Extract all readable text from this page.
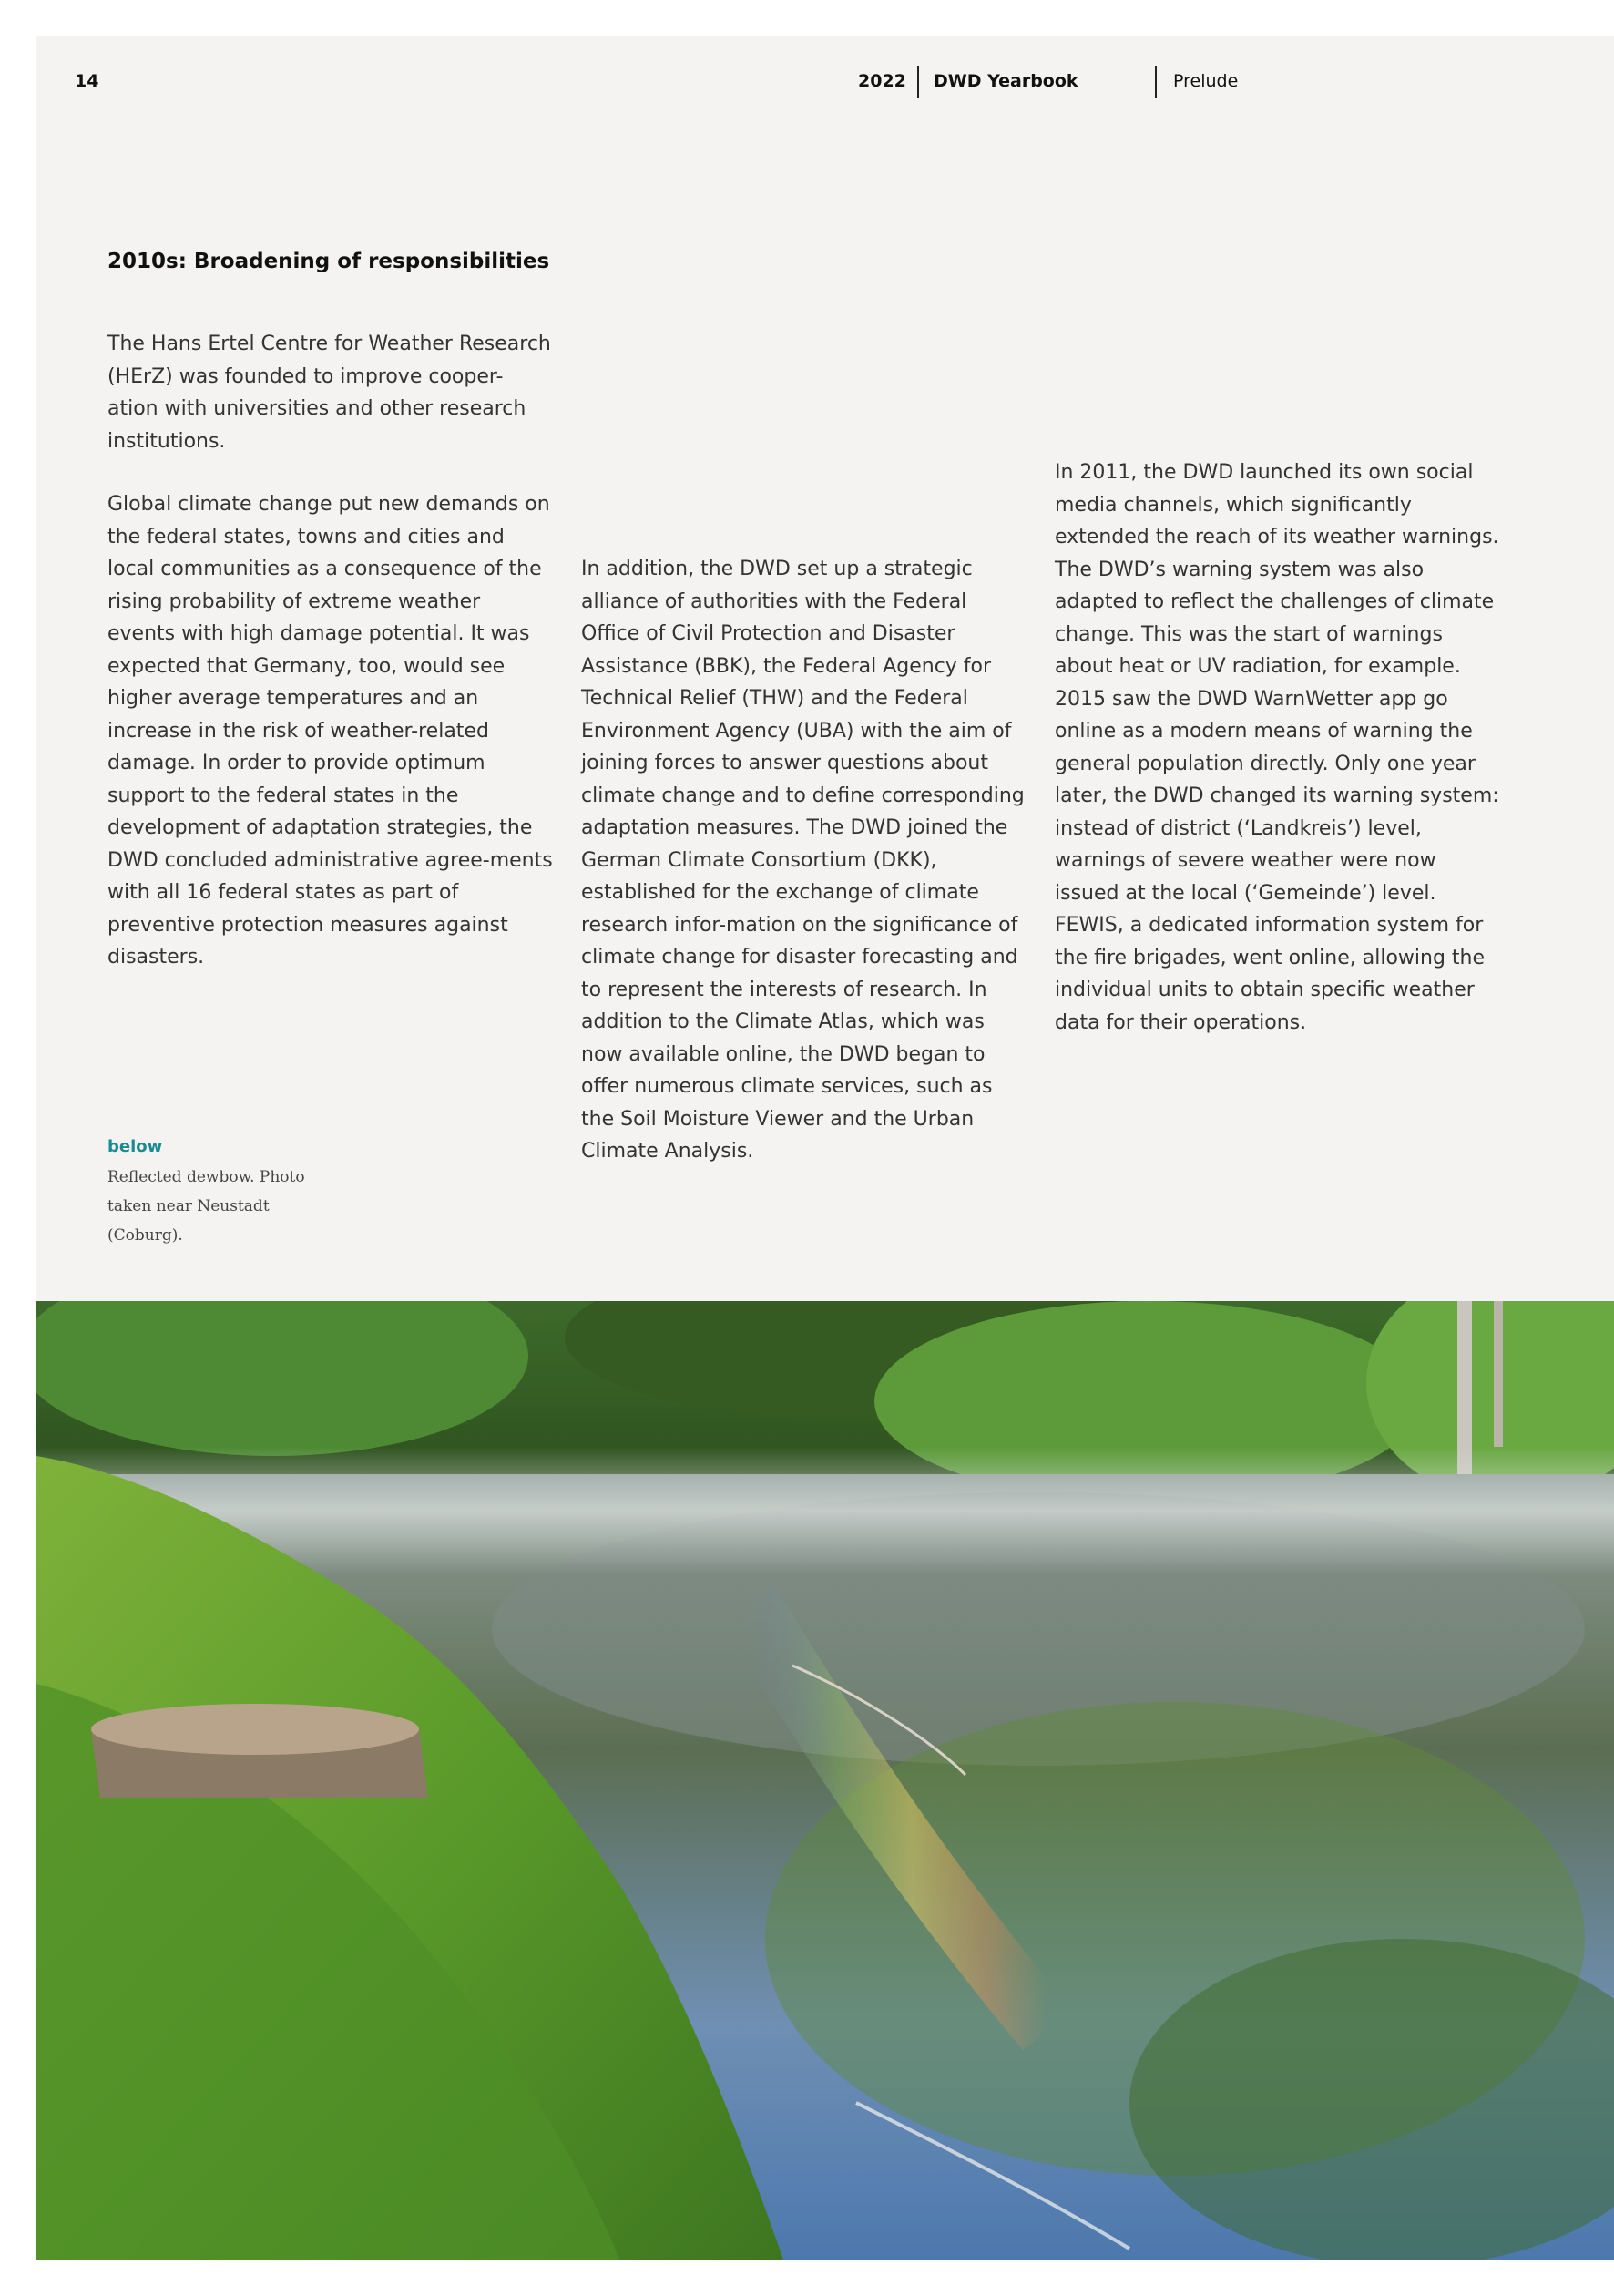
14	2022 DWD Yearbook	Prelude
2010s: Broadening of responsibilities

The Hans Ertel Centre for Weather Research (HErZ) was founded to improve cooper-ation with universities and other research institutions.

Global climate change put new demands on the federal states, towns and cities and local communities as a consequence of the rising probability of extreme weather events with high damage potential. It was expected that Germany, too, would see higher average temperatures and an increase in the risk of weather-related damage. In order to provide optimum support to the federal states in the development of adaptation strategies, the DWD concluded administrative agree-ments with all 16 federal states as part of preventive protection measures against disasters.

In addition, the DWD set up a strategic alliance of authorities with the Federal Office of Civil Protection and Disaster Assistance (BBK), the Federal Agency for Technical Relief (THW) and the Federal Environment Agency (UBA) with the aim of joining forces to answer questions about climate change and to define corresponding adaptation measures. The DWD joined the German Climate Consortium (DKK), established for the exchange of climate research infor-mation on the significance of climate change for disaster forecasting and to represent the interests of research. In addition to the Climate Atlas, which was now available online, the DWD began to offer numerous climate services, such as the Soil Moisture Viewer and the Urban Climate Analysis.

In 2011, the DWD launched its own social media channels, which significantly extended the reach of its weather warnings. The DWD’s warning system was also adapted to reflect the challenges of climate change. This was the start of warnings about heat or UV radiation, for example. 2015 saw the DWD WarnWetter app go online as a modern means of warning the general population directly. Only one year later, the DWD changed its warning system: instead of district (‘Landkreis’) level, warnings of severe weather were now issued at the local (‘Gemeinde’) level. FEWIS, a dedicated information system for the fire brigades, went online, allowing the individual units to obtain specific weather data for their operations.

below

Reflected dewbow. Photo taken near Neustadt (Coburg).
